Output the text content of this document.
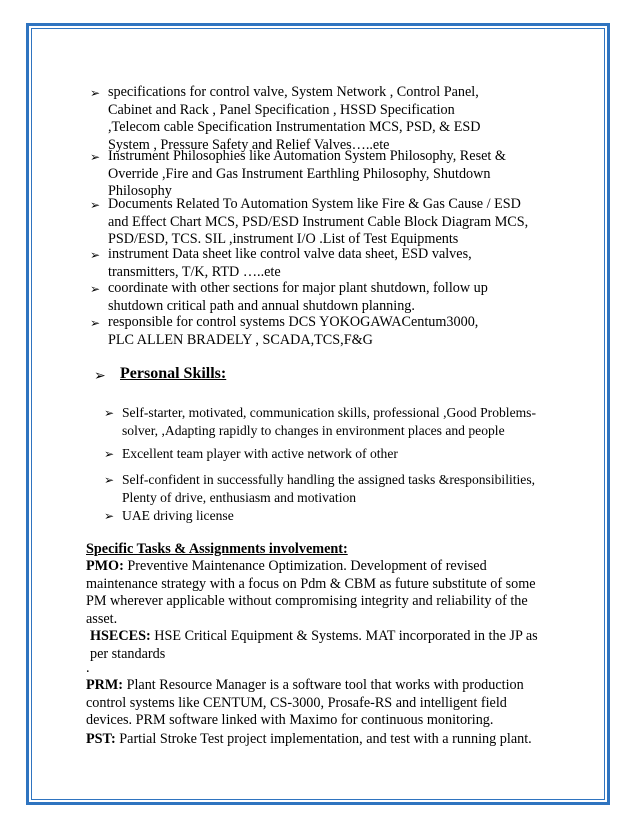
➢ specifications for control valve, System Network , Control Panel,
Cabinet and Rack , Panel Specification , HSSD Specification
,Telecom cable Specification Instrumentation MCS, PSD, & ESD
System , Pressure Safety and Relief Valves…..ete
➢ Instrument Philosophies like Automation System Philosophy, Reset &
Override ,Fire and Gas Instrument Earthling Philosophy, Shutdown
Philosophy
➢ Documents Related To Automation System like Fire & Gas Cause / ESD
and Effect Chart MCS, PSD/ESD Instrument Cable Block Diagram MCS,
PSD/ESD, TCS. SIL ,instrument I/O .List of Test Equipments
➢ instrument Data sheet like control valve data sheet, ESD valves,
transmitters, T/K, RTD …..ete
➢ coordinate with other sections for major plant shutdown, follow up
shutdown critical path and annual shutdown planning.
➢ responsible for control systems DCS YOKOGAWACentum3000,
PLC ALLEN BRADELY , SCADA,TCS,F&G
➢ Personal Skills:
➢ Self-starter, motivated, communication skills, professional ,Good Problems-
solver, ,Adapting rapidly to changes in environment places and people
➢ Excellent team player with active network of other
➢ Self-confident in successfully handling the assigned tasks &responsibilities,
Plenty of drive, enthusiasm and motivation
➢ UAE driving license
Specific Tasks & Assignments involvement:
PMO: Preventive Maintenance Optimization. Development of revised
maintenance strategy with a focus on Pdm & CBM as future substitute of some
PM wherever applicable without compromising integrity and reliability of the
asset.
HSECES: HSE Critical Equipment & Systems. MAT incorporated in the JP as
per standards
.
PRM: Plant Resource Manager is a software tool that works with production
control systems like CENTUM, CS-3000, Prosafe-RS and intelligent field
devices. PRM software linked with Maximo for continuous monitoring.
PST: Partial Stroke Test project implementation, and test with a running plant.
